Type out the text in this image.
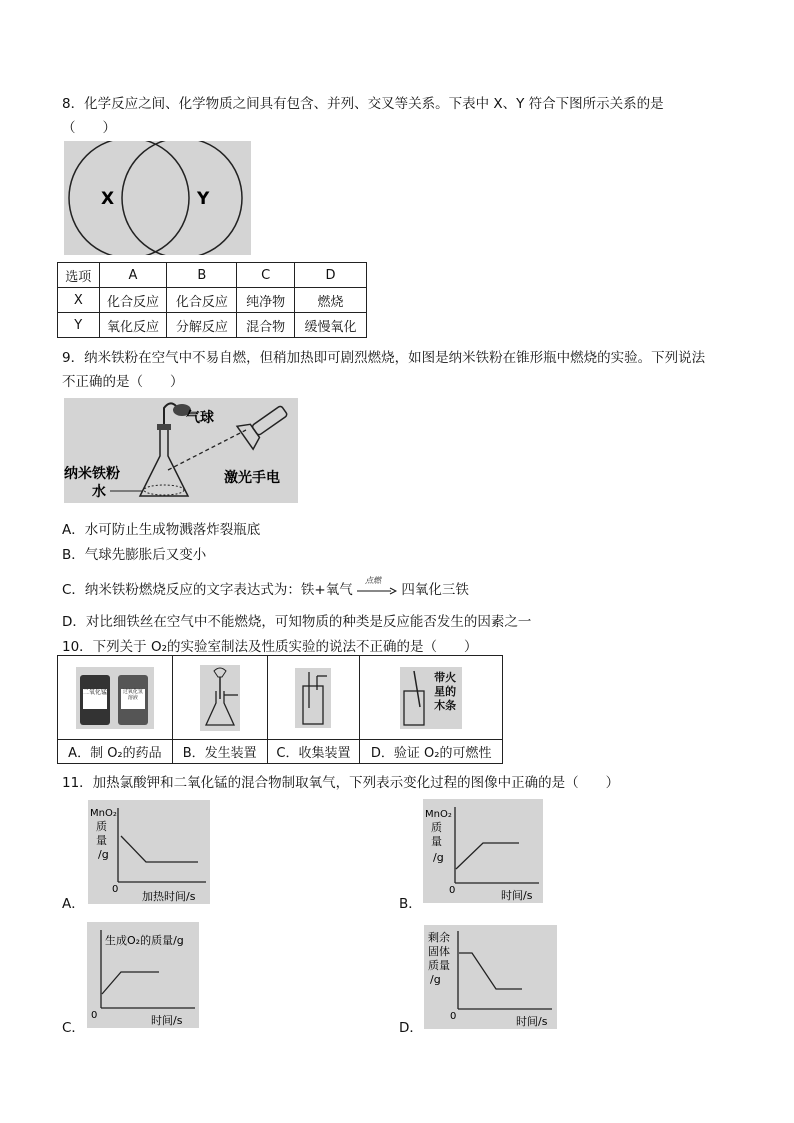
8．化学反应之间、化学物质之间具有包含、并列、交叉等关系。下表中 X、Y 符合下图所示关系的是
（　　）
X	Y
选项	A	B	C	D
X	化合反应	化合反应	纯净物	燃烧
Y	氧化反应	分解反应	混合物	缓慢氧化
9．纳米铁粉在空气中不易自燃，但稍加热即可剧烈燃烧，如图是纳米铁粉在锥形瓶中燃烧的实验。下列说法
不正确的是（　　）
气球
纳米铁粉
水
激光手电
A．水可防止生成物溅落炸裂瓶底
B．气球先膨胀后又变小
C．纳米铁粉燃烧反应的文字表达式为：铁+氧气
点燃
四氧化三铁
D．对比细铁丝在空气中不能燃烧，可知物质的种类是反应能否发生的因素之一
10．下列关于 O₂的实验室制法及性质实验的说法不正确的是（　　）
二氧化锰 过氧化氢溶液			带火星的木条

A．制 O₂的药品	B．发生装置	C．收集装置	D．验证 O₂的可燃性
11．加热氯酸钾和二氧化锰的混合物制取氧气，下列表示变化过程的图像中正确的是（　　）
A．
MnO₂
质
量
/g
0
加热时间/s	B．
MnO₂
质
量
/g
0	时间/s
C．
生成O₂的质量/g
0	时间/s	D．
剩余
固体
质量
/g
0	时间/s
